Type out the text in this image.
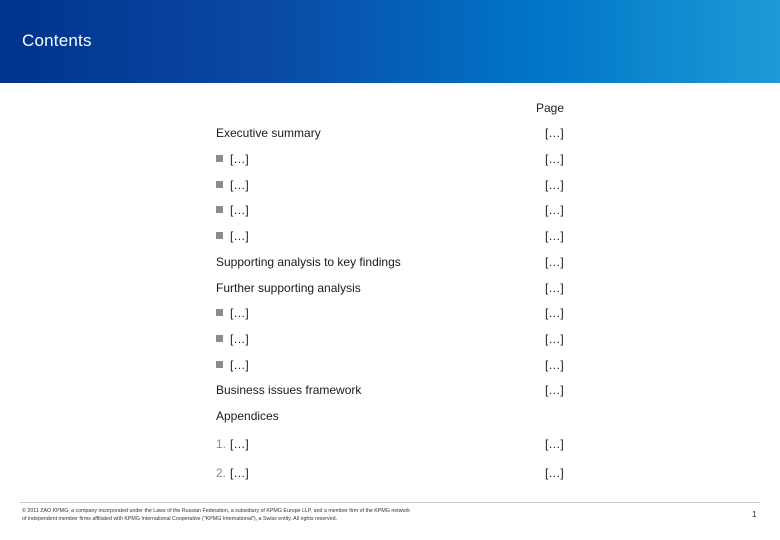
Contents
Page
Executive summary	[…]
[…]	[…]
[…]	[…]
[…]	[…]
[…]	[…]
Supporting analysis to key findings	[…]
Further supporting analysis	[…]
[…]	[…]
[…]	[…]
[…]	[…]
Business issues framework	[…]
Appendices
1. […]	[…]
2. […]	[…]
© 2011 ZAO KPMG, a company incorporated under the Laws of the Russian Federation, a subsidiary of KPMG Europe LLP, and a member firm of the KPMG network
of independent member firms affiliated with KPMG International Cooperative ("KPMG International"), a Swiss entity. All rights reserved.	1
